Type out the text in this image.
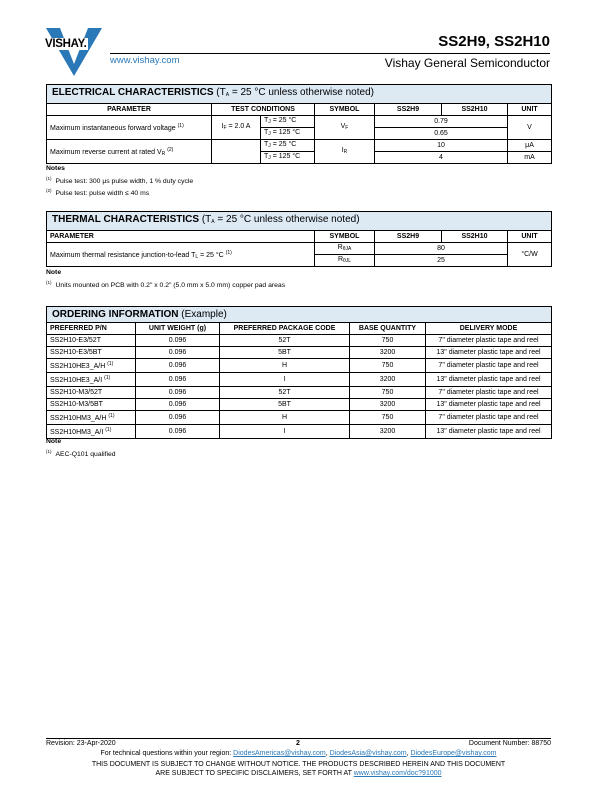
VISHAY.
www.vishay.com
SS2H9, SS2H10
Vishay General Semiconductor
ELECTRICAL CHARACTERISTICS ($T_A = 25$ °C unless otherwise noted)						
PARAMETER	TEST CONDITIONS		SYMBOL	SS2H9	SS2H10	UNIT
Maximum instantaneous forward voltage $^{(1)}$	$I_F = 2.0$ A	$T_J = 25$ °C	$V_F$	0.79		V
		$T_J = 125$ °C		0.65		
Maximum reverse current at rated $V_R$ $^{(2)}$		$T_J = 25$ °C	$I_R$	10		μA
		$T_J = 125$ °C		4		mA
Notes
$^{(1)}$ Pulse test: 300 μs pulse width, 1 % duty cycle
$^{(2)}$ Pulse test: pulse width ≤ 40 ms
THERMAL CHARACTERISTICS ($T_A = 25$ °C unless otherwise noted)				
PARAMETER	SYMBOL	SS2H9	SS2H10	UNIT
Maximum thermal resistance junction-to-lead $T_L = 25$ °C $^{(1)}$	$R_{\theta JA}$	80		°C/W
	$R_{\theta JL}$	25		
Note
$^{(1)}$ Units mounted on PCB with 0.2" x 0.2" (5.0 mm x 5.0 mm) copper pad areas
ORDERING INFORMATION (Example)				
PREFERRED P/N	UNIT WEIGHT (g)	PREFERRED PACKAGE CODE	BASE QUANTITY	DELIVERY MODE
SS2H10-E3/52T	0.096	52T	750	7" diameter plastic tape and reel
SS2H10-E3/5BT	0.096	5BT	3200	13" diameter plastic tape and reel
SS2H10HE3_A/H $^{(1)}$	0.096	H	750	7" diameter plastic tape and reel
SS2H10HE3_A/I $^{(1)}$	0.096	I	3200	13" diameter plastic tape and reel
SS2H10-M3/52T	0.096	52T	750	7" diameter plastic tape and reel
SS2H10-M3/5BT	0.096	5BT	3200	13" diameter plastic tape and reel
SS2H10HM3_A/H $^{(1)}$	0.096	H	750	7" diameter plastic tape and reel
SS2H10HM3_A/I $^{(1)}$	0.096	I	3200	13" diameter plastic tape and reel
Note
$^{(1)}$ AEC-Q101 qualified
Revision: 23-Apr-2020	2	Document Number: 88750
For technical questions within your region: DiodesAmericas@vishay.com, DiodesAsia@vishay.com, DiodesEurope@vishay.com
THIS DOCUMENT IS SUBJECT TO CHANGE WITHOUT NOTICE. THE PRODUCTS DESCRIBED HEREIN AND THIS DOCUMENT
ARE SUBJECT TO SPECIFIC DISCLAIMERS, SET FORTH AT www.vishay.com/doc?91000
